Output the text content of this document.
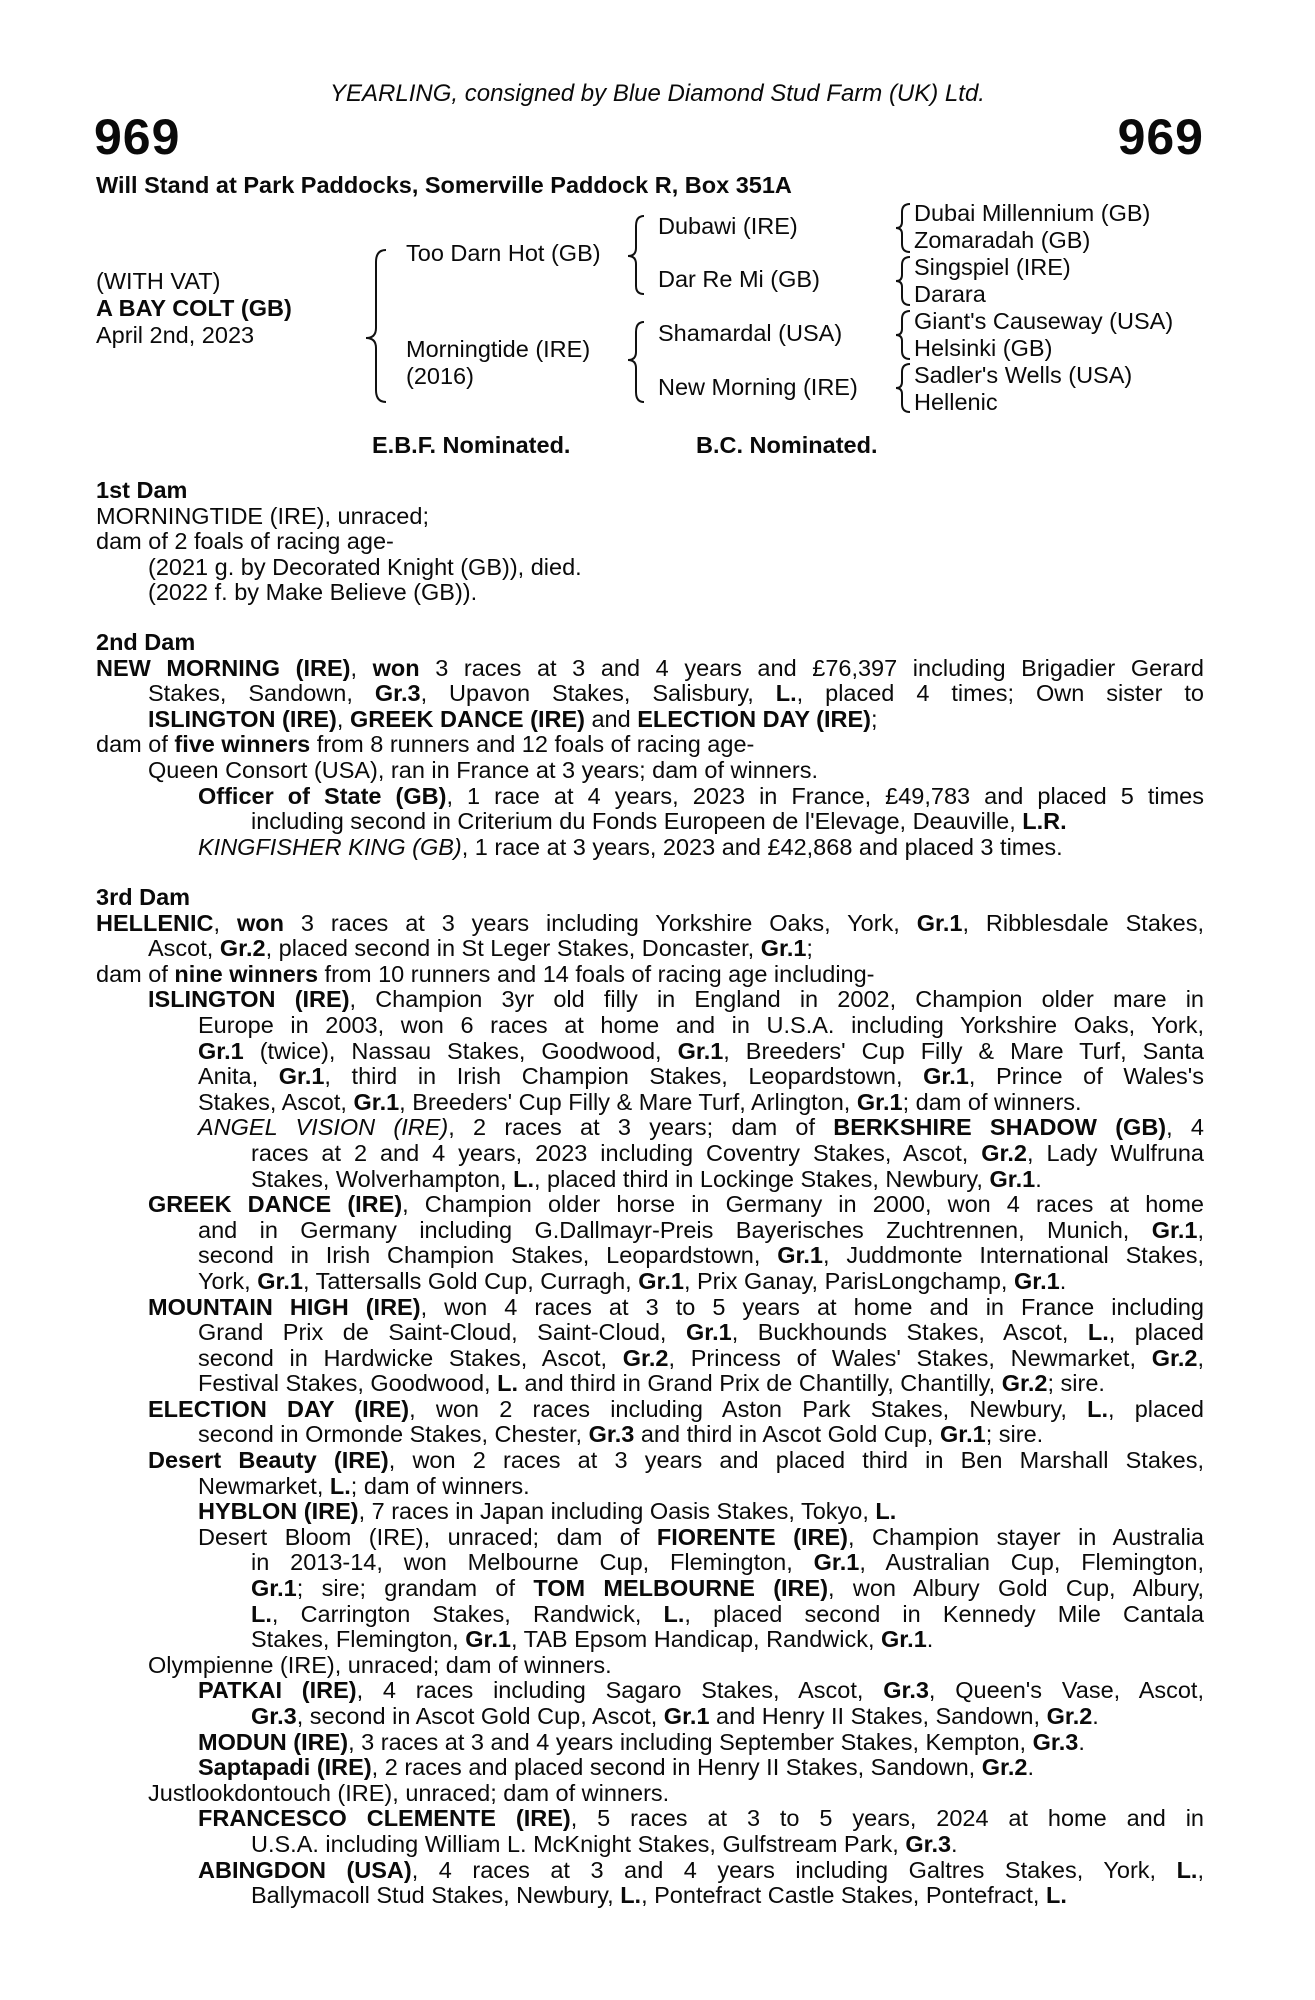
YEARLING, consigned by Blue Diamond Stud Farm (UK) Ltd.
969	969
Will Stand at Park Paddocks, Somerville Paddock R, Box 351A
(WITH VAT)
A BAY COLT (GB)
April 2nd, 2023
Too Darn Hot (GB)
Morningtide (IRE)
(2016)
Dubawi (IRE)
Dar Re Mi (GB)
Shamardal (USA)
New Morning (IRE)
Dubai Millennium (GB)
Zomaradah (GB)
Singspiel (IRE)
Darara
Giant's Causeway (USA)
Helsinki (GB)
Sadler's Wells (USA)
Hellenic
E.B.F. Nominated.	B.C. Nominated.
1st Dam
MORNINGTIDE (IRE), unraced;
dam of 2 foals of racing age-
(2021 g. by Decorated Knight (GB)), died.
(2022 f. by Make Believe (GB)).
2nd Dam
NEW MORNING (IRE), won 3 races at 3 and 4 years and £76,397 including Brigadier Gerard
Stakes, Sandown, Gr.3, Upavon Stakes, Salisbury, L., placed 4 times; Own sister to
ISLINGTON (IRE), GREEK DANCE (IRE) and ELECTION DAY (IRE);
dam of five winners from 8 runners and 12 foals of racing age-
Queen Consort (USA), ran in France at 3 years; dam of winners.
Officer of State (GB), 1 race at 4 years, 2023 in France, £49,783 and placed 5 times
including second in Criterium du Fonds Europeen de l'Elevage, Deauville, L.R.
KINGFISHER KING (GB), 1 race at 3 years, 2023 and £42,868 and placed 3 times.
3rd Dam
HELLENIC, won 3 races at 3 years including Yorkshire Oaks, York, Gr.1, Ribblesdale Stakes,
Ascot, Gr.2, placed second in St Leger Stakes, Doncaster, Gr.1;
dam of nine winners from 10 runners and 14 foals of racing age including-
ISLINGTON (IRE), Champion 3yr old filly in England in 2002, Champion older mare in
Europe in 2003, won 6 races at home and in U.S.A. including Yorkshire Oaks, York,
Gr.1 (twice), Nassau Stakes, Goodwood, Gr.1, Breeders' Cup Filly & Mare Turf, Santa
Anita, Gr.1, third in Irish Champion Stakes, Leopardstown, Gr.1, Prince of Wales's
Stakes, Ascot, Gr.1, Breeders' Cup Filly & Mare Turf, Arlington, Gr.1; dam of winners.
ANGEL VISION (IRE), 2 races at 3 years; dam of BERKSHIRE SHADOW (GB), 4
races at 2 and 4 years, 2023 including Coventry Stakes, Ascot, Gr.2, Lady Wulfruna
Stakes, Wolverhampton, L., placed third in Lockinge Stakes, Newbury, Gr.1.
GREEK DANCE (IRE), Champion older horse in Germany in 2000, won 4 races at home
and in Germany including G.Dallmayr-Preis Bayerisches Zuchtrennen, Munich, Gr.1,
second in Irish Champion Stakes, Leopardstown, Gr.1, Juddmonte International Stakes,
York, Gr.1, Tattersalls Gold Cup, Curragh, Gr.1, Prix Ganay, ParisLongchamp, Gr.1.
MOUNTAIN HIGH (IRE), won 4 races at 3 to 5 years at home and in France including
Grand Prix de Saint-Cloud, Saint-Cloud, Gr.1, Buckhounds Stakes, Ascot, L., placed
second in Hardwicke Stakes, Ascot, Gr.2, Princess of Wales' Stakes, Newmarket, Gr.2,
Festival Stakes, Goodwood, L. and third in Grand Prix de Chantilly, Chantilly, Gr.2; sire.
ELECTION DAY (IRE), won 2 races including Aston Park Stakes, Newbury, L., placed
second in Ormonde Stakes, Chester, Gr.3 and third in Ascot Gold Cup, Gr.1; sire.
Desert Beauty (IRE), won 2 races at 3 years and placed third in Ben Marshall Stakes,
Newmarket, L.; dam of winners.
HYBLON (IRE), 7 races in Japan including Oasis Stakes, Tokyo, L.
Desert Bloom (IRE), unraced; dam of FIORENTE (IRE), Champion stayer in Australia
in 2013-14, won Melbourne Cup, Flemington, Gr.1, Australian Cup, Flemington,
Gr.1; sire; grandam of TOM MELBOURNE (IRE), won Albury Gold Cup, Albury,
L., Carrington Stakes, Randwick, L., placed second in Kennedy Mile Cantala
Stakes, Flemington, Gr.1, TAB Epsom Handicap, Randwick, Gr.1.
Olympienne (IRE), unraced; dam of winners.
PATKAI (IRE), 4 races including Sagaro Stakes, Ascot, Gr.3, Queen's Vase, Ascot,
Gr.3, second in Ascot Gold Cup, Ascot, Gr.1 and Henry II Stakes, Sandown, Gr.2.
MODUN (IRE), 3 races at 3 and 4 years including September Stakes, Kempton, Gr.3.
Saptapadi (IRE), 2 races and placed second in Henry II Stakes, Sandown, Gr.2.
Justlookdontouch (IRE), unraced; dam of winners.
FRANCESCO CLEMENTE (IRE), 5 races at 3 to 5 years, 2024 at home and in
U.S.A. including William L. McKnight Stakes, Gulfstream Park, Gr.3.
ABINGDON (USA), 4 races at 3 and 4 years including Galtres Stakes, York, L.,
Ballymacoll Stud Stakes, Newbury, L., Pontefract Castle Stakes, Pontefract, L.
